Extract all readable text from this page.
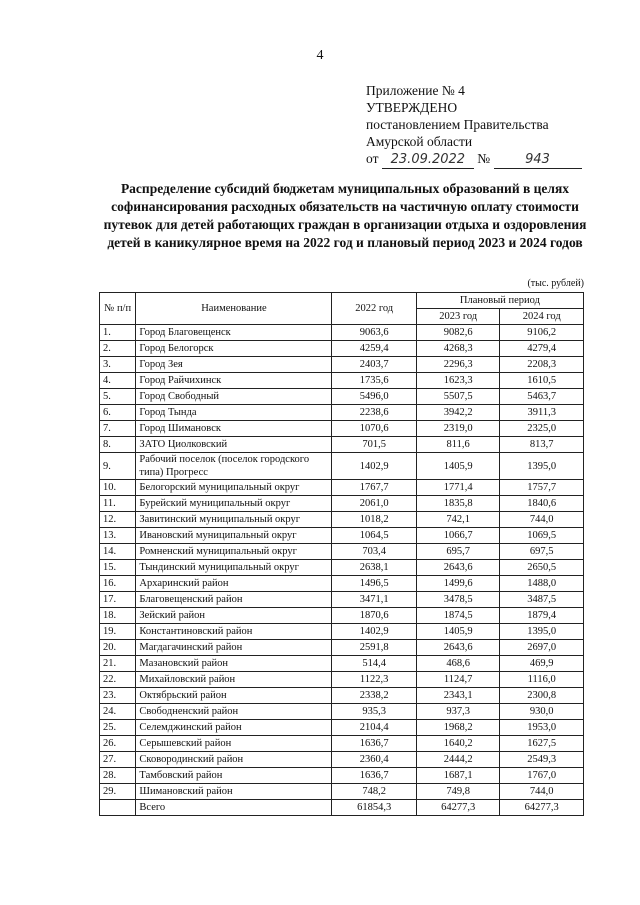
4
Приложение № 4
УТВЕРЖДЕНО
постановлением Правительства
Амурской области
от 23.09.2022 №	943
Распределение субсидий бюджетам муниципальных образований в целях софинансирования расходных обязательств на частичную оплату стоимости путевок для детей работающих граждан в организации отдыха и оздоровления детей в каникулярное время на 2022 год и плановый период 2023 и 2024 годов
(тыс. рублей)
№ п/п	Наименование	2022 год	Плановый период	
			2023 год	2024 год
1.	Город Благовещенск	9063,6	9082,6	9106,2
2.	Город Белогорск	4259,4	4268,3	4279,4
3.	Город Зея	2403,7	2296,3	2208,3
4.	Город Райчихинск	1735,6	1623,3	1610,5
5.	Город Свободный	5496,0	5507,5	5463,7
6.	Город Тында	2238,6	3942,2	3911,3
7.	Город Шимановск	1070,6	2319,0	2325,0
8.	ЗАТО Циолковский	701,5	811,6	813,7
9.	Рабочий поселок (поселок городского типа) Прогресс	1402,9	1405,9	1395,0
10.	Белогорский муниципальный округ	1767,7	1771,4	1757,7
11.	Бурейский муниципальный округ	2061,0	1835,8	1840,6
12.	Завитинский муниципальный округ	1018,2	742,1	744,0
13.	Ивановский муниципальный округ	1064,5	1066,7	1069,5
14.	Ромненский муниципальный округ	703,4	695,7	697,5
15.	Тындинский муниципальный округ	2638,1	2643,6	2650,5
16.	Архаринский район	1496,5	1499,6	1488,0
17.	Благовещенский район	3471,1	3478,5	3487,5
18.	Зейский район	1870,6	1874,5	1879,4
19.	Константиновский район	1402,9	1405,9	1395,0
20.	Магдагачинский район	2591,8	2643,6	2697,0
21.	Мазановский район	514,4	468,6	469,9
22.	Михайловский район	1122,3	1124,7	1116,0
23.	Октябрьский район	2338,2	2343,1	2300,8
24.	Свободненский район	935,3	937,3	930,0
25.	Селемджинский район	2104,4	1968,2	1953,0
26.	Серышевский район	1636,7	1640,2	1627,5
27.	Сковородинский район	2360,4	2444,2	2549,3
28.	Тамбовский район	1636,7	1687,1	1767,0
29.	Шимановский район	748,2	749,8	744,0
	Всего	61854,3	64277,3	64277,3
